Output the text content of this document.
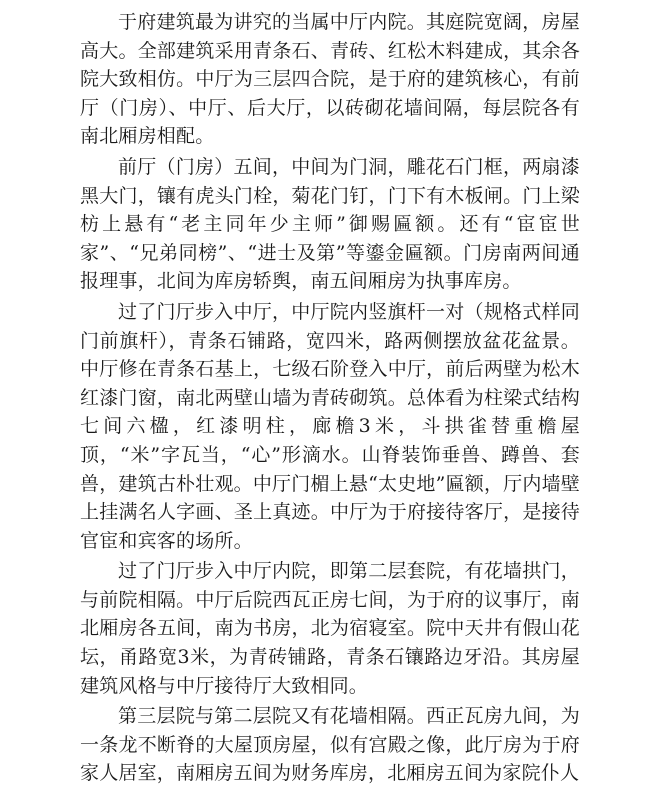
于府建筑最为讲究的当属中厅内院。其庭院宽阔，房屋高大。全部建筑采用青条石、青砖、红松木料建成，其余各院大致相仿。中厅为三层四合院，是于府的建筑核心，有前厅（门房）、中厅、后大厅，以砖砌花墙间隔，每层院各有南北厢房相配。

前厅（门房）五间，中间为门洞，雕花石门框，两扇漆黑大门，镶有虎头门栓，菊花门钉，门下有木板闸。门上梁枋上悬有“老主同年少主师”御赐匾额。还有“宦宦世家”、“兄弟同榜”、“进士及第”等鎏金匾额。门房南两间通报理事，北间为库房轿舆，南五间厢房为执事库房。

过了门厅步入中厅，中厅院内竖旗杆一对（规格式样同门前旗杆），青条石铺路，宽四米，路两侧摆放盆花盆景。中厅修在青条石基上，七级石阶登入中厅，前后两壁为松木红漆门窗，南北两壁山墙为青砖砌筑。总体看为柱梁式结构七间六楹，红漆明柱，廊檐3米，斗拱雀替重檐屋顶，“米”字瓦当，“心”形滴水。山脊装饰垂兽、蹲兽、套兽，建筑古朴壮观。中厅门楣上悬“太史地”匾额，厅内墙壁上挂满名人字画、圣上真迹。中厅为于府接待客厅，是接待官宦和宾客的场所。

过了门厅步入中厅内院，即第二层套院，有花墙拱门，与前院相隔。中厅后院西瓦正房七间，为于府的议事厅，南北厢房各五间，南为书房，北为宿寝室。院中天井有假山花坛，甬路宽3米，为青砖铺路，青条石镶路边牙沿。其房屋建筑风格与中厅接待厅大致相同。

第三层院与第二层院又有花墙相隔。西正瓦房九间，为一条龙不断脊的大屋顶房屋，似有宫殿之像，此厅房为于府家人居室，南厢房五间为财务库房，北厢房五间为家院仆人
